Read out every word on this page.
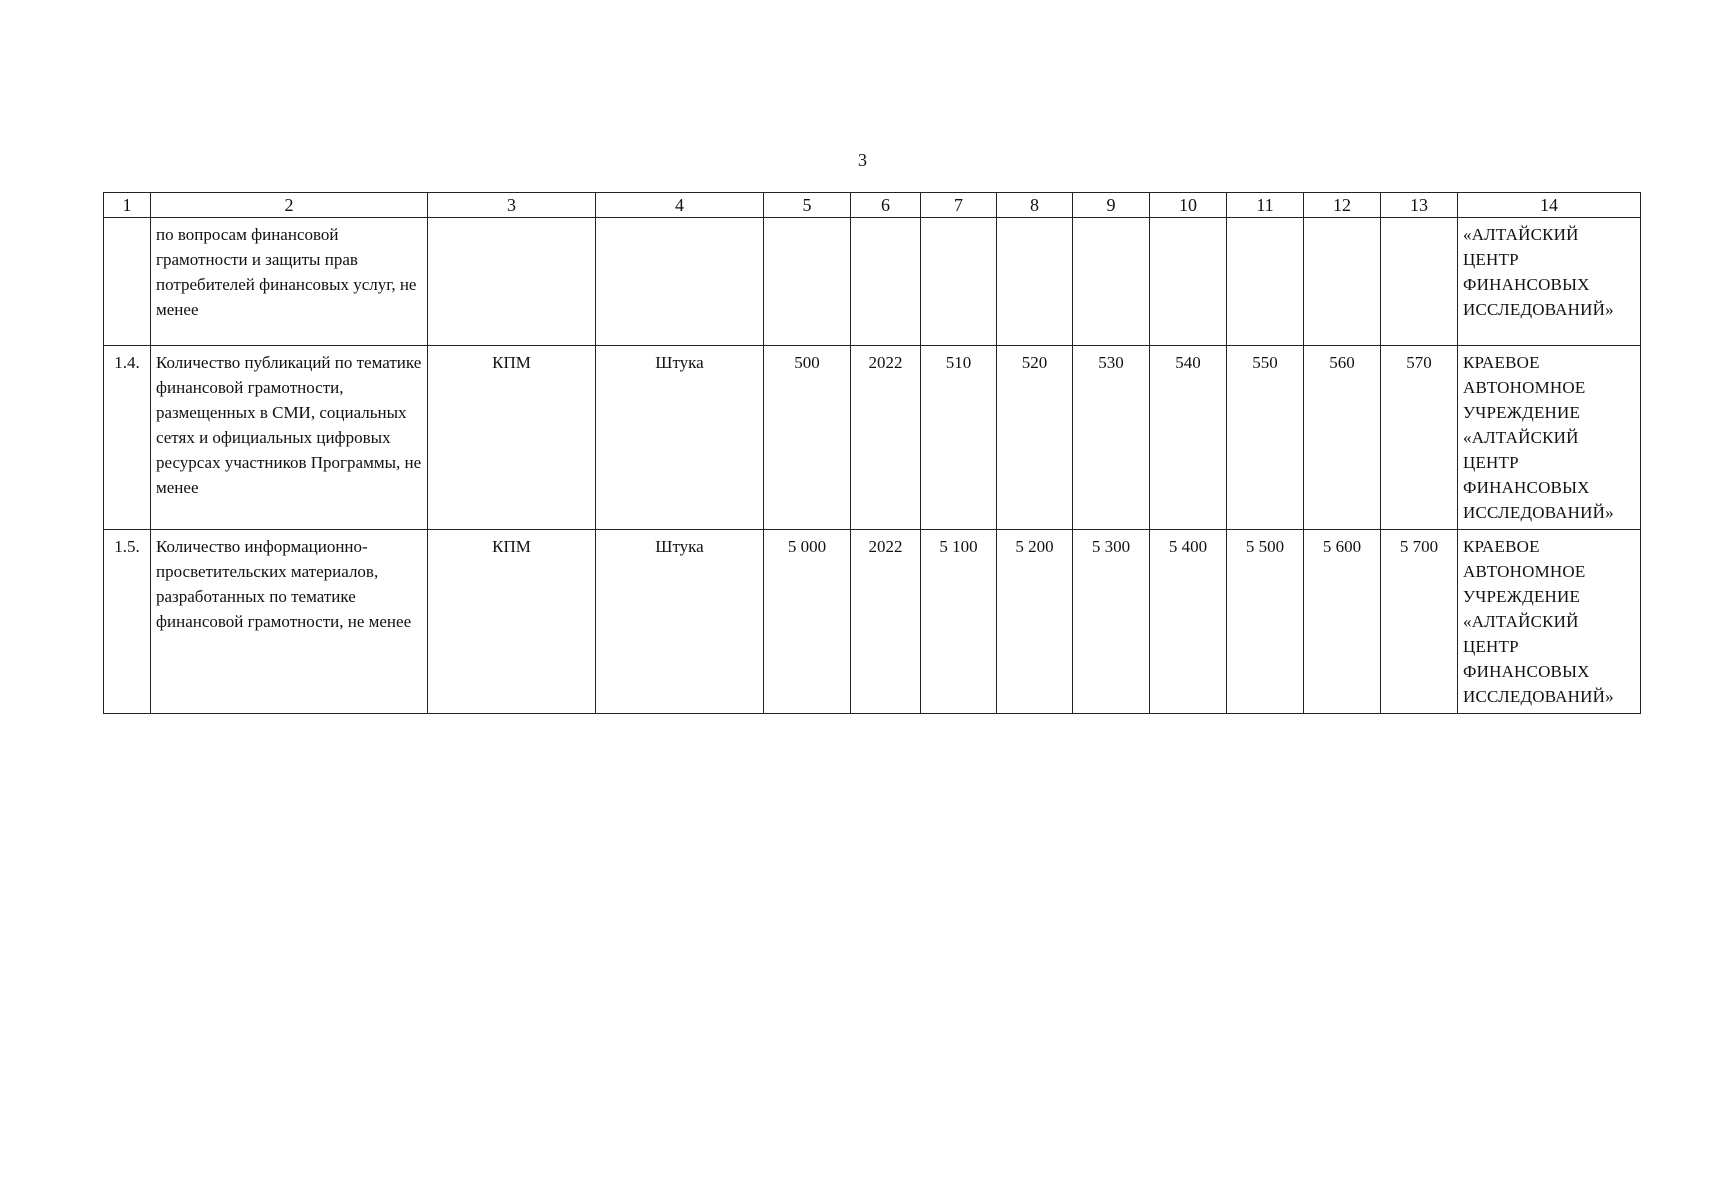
3
1	2	3	4	5	6	7	8	9	10	11	12	13	14
	по вопросам финансовой грамотности и защиты прав потребителей финансовых услуг, не менее												«АЛТАЙСКИЙ ЦЕНТР ФИНАНСОВЫХ ИССЛЕДОВАНИЙ»
1.4.	Количество публикаций по тематике финансовой грамотности, размещенных в СМИ, социальных сетях и официальных цифровых ресурсах участников Программы, не менее	КПМ	Штука	500	2022	510	520	530	540	550	560	570	КРАЕВОЕ АВТОНОМНОЕ УЧРЕЖДЕНИЕ «АЛТАЙСКИЙ ЦЕНТР ФИНАНСОВЫХ ИССЛЕДОВАНИЙ»
1.5.	Количество информационно-просветительских материалов, разработанных по тематике финансовой грамотности, не менее	КПМ	Штука	5 000	2022	5 100	5 200	5 300	5 400	5 500	5 600	5 700	КРАЕВОЕ АВТОНОМНОЕ УЧРЕЖДЕНИЕ «АЛТАЙСКИЙ ЦЕНТР ФИНАНСОВЫХ ИССЛЕДОВАНИЙ»
